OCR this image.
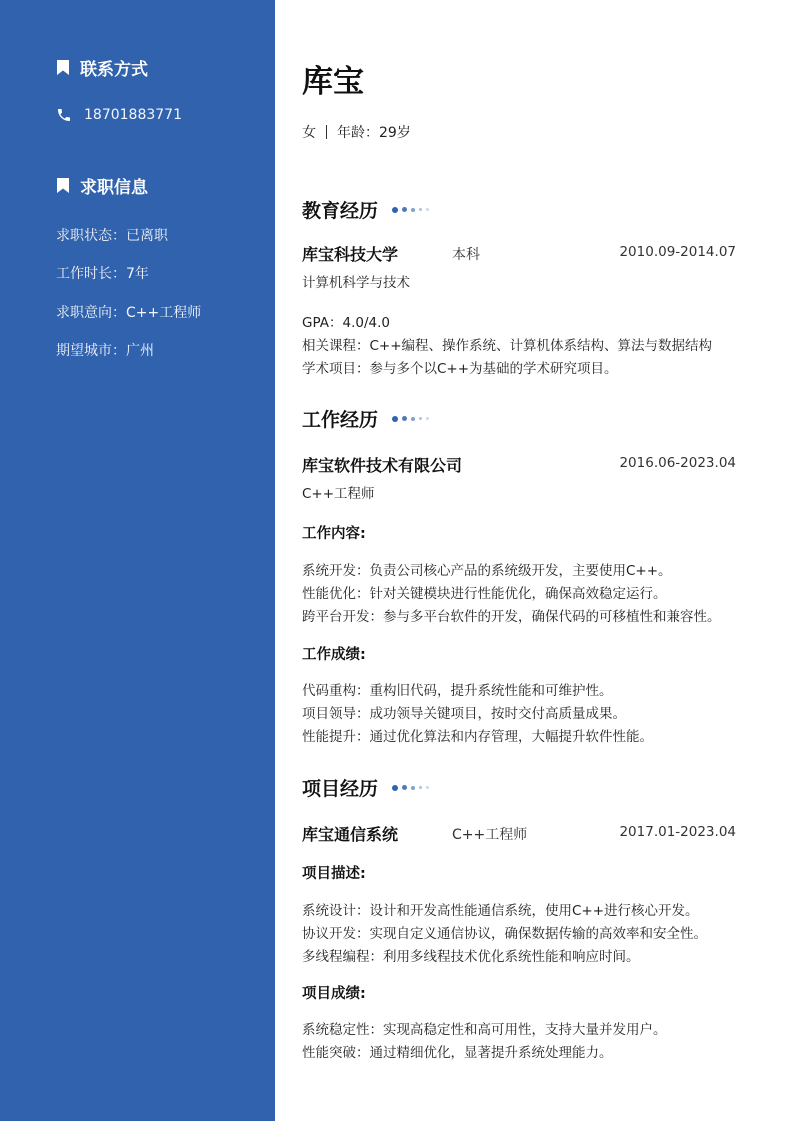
联系方式
18701883771
求职信息
求职状态：已离职
工作时长：7年
求职意向：C++工程师
期望城市：广州
库宝
女 年龄：29岁
教育经历
库宝科技大学	本科	2010.09-2014.07
计算机科学与技术
GPA：4.0/4.0
相关课程：C++编程、操作系统、计算机体系结构、算法与数据结构
学术项目：参与多个以C++为基础的学术研究项目。
工作经历
库宝软件技术有限公司	2016.06-2023.04
C++工程师
工作内容:
系统开发：负责公司核心产品的系统级开发，主要使用C++。
性能优化：针对关键模块进行性能优化，确保高效稳定运行。
跨平台开发：参与多平台软件的开发，确保代码的可移植性和兼容性。
工作成绩:
代码重构：重构旧代码，提升系统性能和可维护性。
项目领导：成功领导关键项目，按时交付高质量成果。
性能提升：通过优化算法和内存管理，大幅提升软件性能。
项目经历
库宝通信系统	C++工程师	2017.01-2023.04
项目描述:
系统设计：设计和开发高性能通信系统，使用C++进行核心开发。
协议开发：实现自定义通信协议，确保数据传输的高效率和安全性。
多线程编程：利用多线程技术优化系统性能和响应时间。
项目成绩:
系统稳定性：实现高稳定性和高可用性，支持大量并发用户。
性能突破：通过精细优化，显著提升系统处理能力。
